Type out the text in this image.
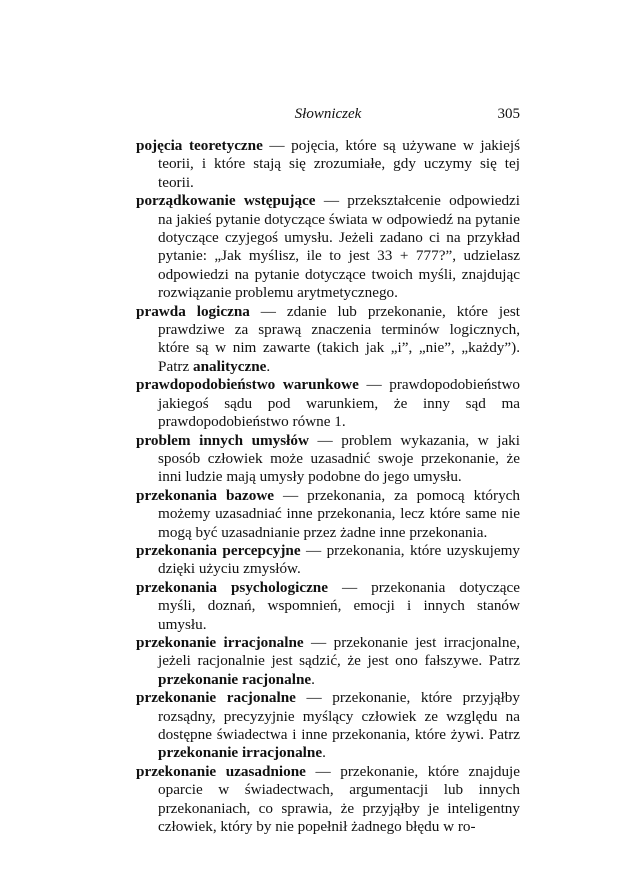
Słowniczek	305

pojęcia teoretyczne — pojęcia, które są używane w jakiejś teorii, i które stają się zrozumiałe, gdy uczymy się tej teorii.

porządkowanie wstępujące — przekształcenie odpowiedzi na jakieś pytanie dotyczące świata w odpowiedź na pytanie dotyczące czyjegoś umysłu. Jeżeli zadano ci na przykład pytanie: „Jak myślisz, ile to jest 33 + 777?”, udzielasz odpowiedzi na pytanie dotyczące twoich myśli, znajdując rozwiązanie problemu arytmetycznego.

prawda logiczna — zdanie lub przekonanie, które jest prawdziwe za sprawą znaczenia terminów logicznych, które są w nim zawarte (takich jak „i”, „nie”, „każdy”). Patrz analityczne.

prawdopodobieństwo warunkowe — prawdopodobieństwo jakiegoś sądu pod warunkiem, że inny sąd ma prawdopodobieństwo równe 1.

problem innych umysłów — problem wykazania, w jaki sposób człowiek może uzasadnić swoje przekonanie, że inni ludzie mają umysły podobne do jego umysłu.

przekonania bazowe — przekonania, za pomocą których możemy uzasadniać inne przekonania, lecz które same nie mogą być uzasadnianie przez żadne inne przekonania.

przekonania percepcyjne — przekonania, które uzyskujemy dzięki użyciu zmysłów.

przekonania psychologiczne — przekonania dotyczące myśli, doznań, wspomnień, emocji i innych stanów umysłu.

przekonanie irracjonalne — przekonanie jest irracjonalne, jeżeli racjonalnie jest sądzić, że jest ono fałszywe. Patrz przekonanie racjonalne.

przekonanie racjonalne — przekonanie, które przyjąłby rozsądny, precyzyjnie myślący człowiek ze względu na dostępne świadectwa i inne przekonania, które żywi. Patrz przekonanie irracjonalne.

przekonanie uzasadnione — przekonanie, które znajduje oparcie w świadectwach, argumentacji lub innych przekonaniach, co sprawia, że przyjąłby je inteligentny człowiek, który by nie popełnił żadnego błędu w ro-
